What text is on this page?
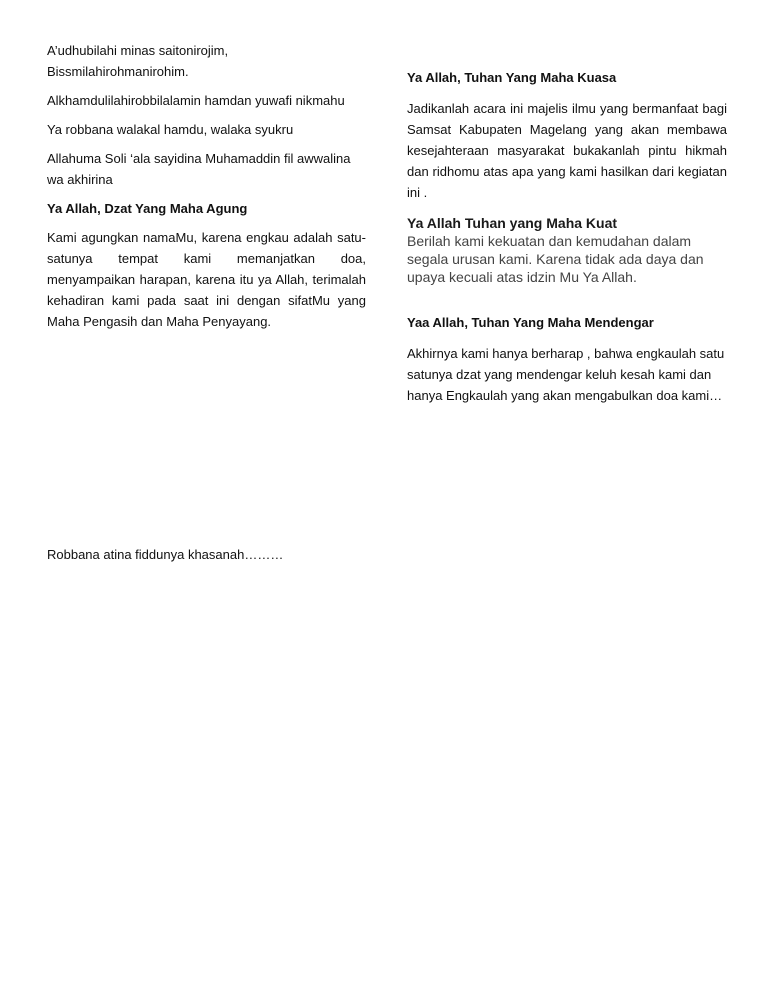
A’udhubilahi minas saitonirojim,

Bissmilahirohmanirohim.

Alkhamdulilahirobbilalamin hamdan yuwafi nikmahu

Ya robbana walakal hamdu, walaka syukru

Allahuma Soli ‘ala sayidina Muhamaddin fil awwalina wa akhirina

Ya Allah, Dzat Yang Maha Agung

Kami agungkan namaMu, karena engkau adalah satu-satunya tempat kami memanjatkan doa, menyampaikan harapan, karena itu ya Allah, terimalah kehadiran kami pada saat ini dengan sifatMu yang Maha Pengasih dan Maha Penyayang.

Ya Allah, Tuhan Yang Maha Kuasa

Jadikanlah acara ini majelis ilmu yang bermanfaat bagi Samsat Kabupaten Magelang yang akan membawa kesejahteraan masyarakat bukakanlah pintu hikmah dan ridhomu atas apa yang kami hasilkan dari kegiatan ini .

Ya Allah Tuhan yang Maha Kuat

Berilah kami kekuatan dan kemudahan dalam segala urusan kami. Karena tidak ada daya dan upaya kecuali atas idzin Mu Ya Allah.

Yaa Allah, Tuhan Yang Maha Mendengar

Akhirnya kami hanya berharap , bahwa engkaulah satu satunya dzat yang mendengar keluh kesah kami dan hanya Engkaulah yang akan mengabulkan doa kami…

Robbana atina fiddunya khasanah………
